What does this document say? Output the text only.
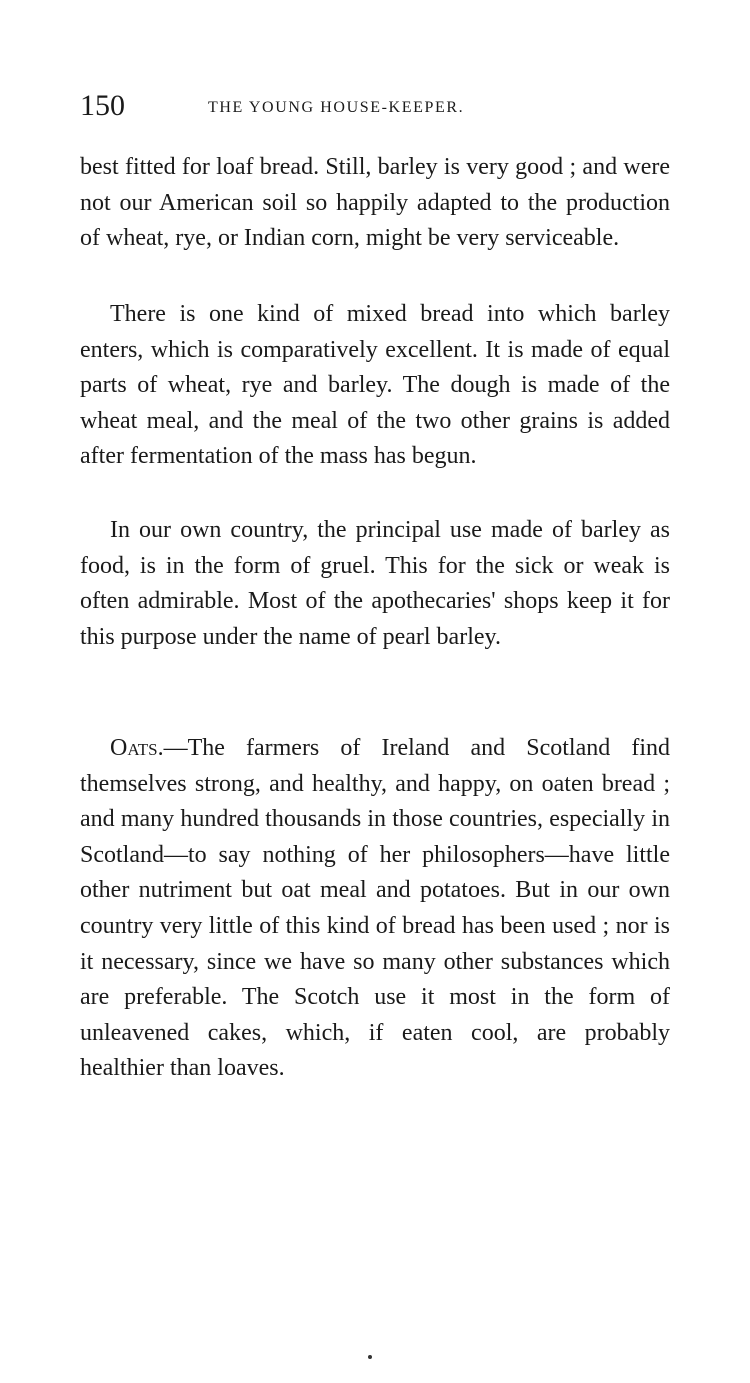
150	THE YOUNG HOUSE-KEEPER.

best fitted for loaf bread. Still, barley is very good ; and were not our American soil so happily adapted to the production of wheat, rye, or Indian corn, might be very serviceable.

There is one kind of mixed bread into which barley enters, which is comparatively excellent. It is made of equal parts of wheat, rye and barley. The dough is made of the wheat meal, and the meal of the two other grains is added after fermentation of the mass has begun.

In our own country, the principal use made of barley as food, is in the form of gruel. This for the sick or weak is often admirable. Most of the apothecaries' shops keep it for this purpose under the name of pearl barley.

Oats.—The farmers of Ireland and Scotland find themselves strong, and healthy, and happy, on oaten bread ; and many hundred thousands in those countries, especially in Scotland—to say nothing of her philosophers—have little other nutriment but oat meal and potatoes. But in our own country very little of this kind of bread has been used ; nor is it necessary, since we have so many other substances which are preferable. The Scotch use it most in the form of unleavened cakes, which, if eaten cool, are probably healthier than loaves.
